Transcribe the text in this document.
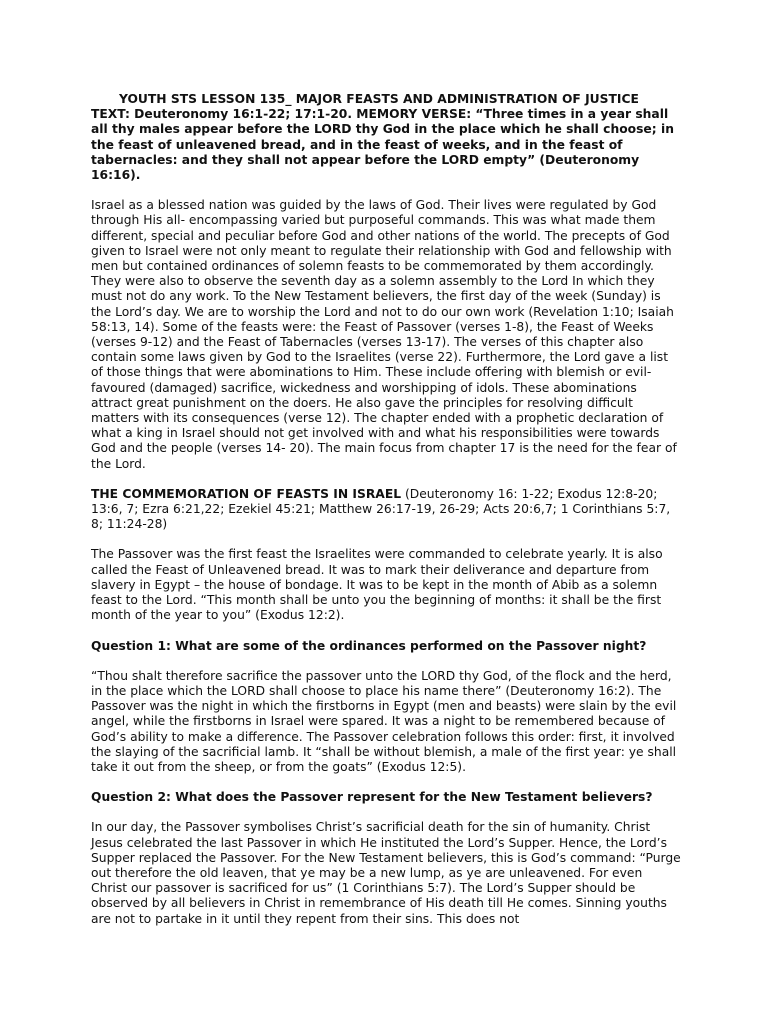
YOUTH STS LESSON 135_ MAJOR FEASTS AND ADMINISTRATION OF JUSTICE TEXT: Deuteronomy 16:1-22; 17:1-20. MEMORY VERSE: “Three times in a year shall all thy males appear before the LORD thy God in the place which he shall choose; in the feast of unleavened bread, and in the feast of weeks, and in the feast of tabernacles: and they shall not appear before the LORD empty” (Deuteronomy 16:16).

Israel as a blessed nation was guided by the laws of God. Their lives were regulated by God through His all- encompassing varied but purposeful commands. This was what made them different, special and peculiar before God and other nations of the world. The precepts of God given to Israel were not only meant to regulate their relationship with God and fellowship with men but contained ordinances of solemn feasts to be commemorated by them accordingly. They were also to observe the seventh day as a solemn assembly to the Lord In which they must not do any work. To the New Testament believers, the first day of the week (Sunday) is the Lord’s day. We are to worship the Lord and not to do our own work (Revelation 1:10; Isaiah 58:13, 14). Some of the feasts were: the Feast of Passover (verses 1-8), the Feast of Weeks (verses 9-12) and the Feast of Tabernacles (verses 13-17). The verses of this chapter also contain some laws given by God to the Israelites (verse 22). Furthermore, the Lord gave a list of those things that were abominations to Him. These include offering with blemish or evil-favoured (damaged) sacrifice, wickedness and worshipping of idols. These abominations attract great punishment on the doers. He also gave the principles for resolving difficult matters with its consequences (verse 12). The chapter ended with a prophetic declaration of what a king in Israel should not get involved with and what his responsibilities were towards God and the people (verses 14- 20). The main focus from chapter 17 is the need for the fear of the Lord.

THE COMMEMORATION OF FEASTS IN ISRAEL (Deuteronomy 16: 1-22; Exodus 12:8-20; 13:6, 7; Ezra 6:21,22; Ezekiel 45:21; Matthew 26:17-19, 26-29; Acts 20:6,7; 1 Corinthians 5:7, 8; 11:24-28)

The Passover was the first feast the Israelites were commanded to celebrate yearly. It is also called the Feast of Unleavened bread. It was to mark their deliverance and departure from slavery in Egypt – the house of bondage. It was to be kept in the month of Abib as a solemn feast to the Lord. “This month shall be unto you the beginning of months: it shall be the first month of the year to you” (Exodus 12:2).

Question 1: What are some of the ordinances performed on the Passover night?

“Thou shalt therefore sacrifice the passover unto the LORD thy God, of the flock and the herd, in the place which the LORD shall choose to place his name there” (Deuteronomy 16:2). The Passover was the night in which the firstborns in Egypt (men and beasts) were slain by the evil angel, while the firstborns in Israel were spared. It was a night to be remembered because of God’s ability to make a difference. The Passover celebration follows this order: first, it involved the slaying of the sacrificial lamb. It “shall be without blemish, a male of the first year: ye shall take it out from the sheep, or from the goats” (Exodus 12:5).

Question 2: What does the Passover represent for the New Testament believers?

In our day, the Passover symbolises Christ’s sacrificial death for the sin of humanity. Christ Jesus celebrated the last Passover in which He instituted the Lord’s Supper. Hence, the Lord’s Supper replaced the Passover. For the New Testament believers, this is God’s command: “Purge out therefore the old leaven, that ye may be a new lump, as ye are unleavened. For even Christ our passover is sacrificed for us” (1 Corinthians 5:7). The Lord’s Supper should be observed by all believers in Christ in remembrance of His death till He comes. Sinning youths are not to partake in it until they repent from their sins. This does not
